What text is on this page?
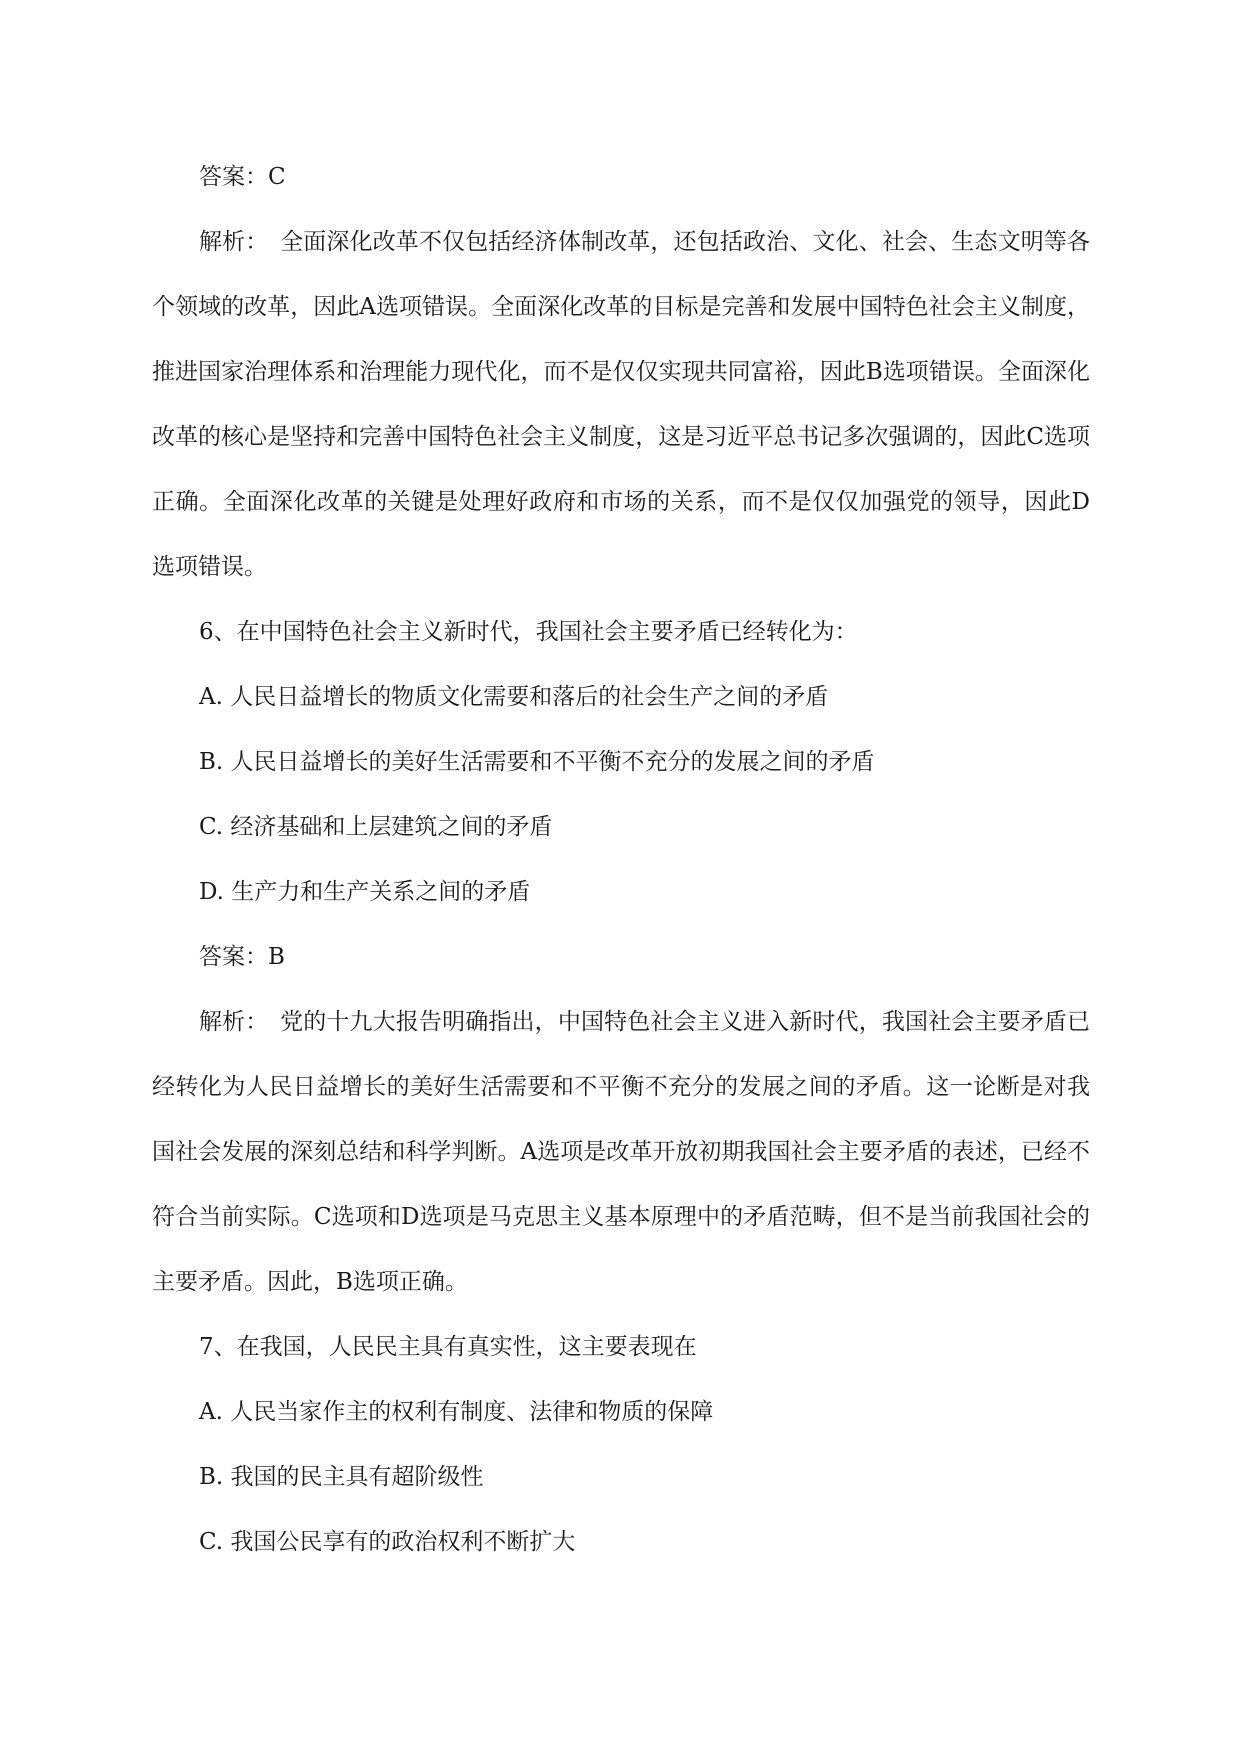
答案：C

解析：　全面深化改革不仅包括经济体制改革，还包括政治、文化、社会、生态文明等各个领域的改革，因此A选项错误。全面深化改革的目标是完善和发展中国特色社会主义制度，推进国家治理体系和治理能力现代化，而不是仅仅实现共同富裕，因此B选项错误。全面深化改革的核心是坚持和完善中国特色社会主义制度，这是习近平总书记多次强调的，因此C选项正确。全面深化改革的关键是处理好政府和市场的关系，而不是仅仅加强党的领导，因此D选项错误。

6、在中国特色社会主义新时代，我国社会主要矛盾已经转化为：

A. 人民日益增长的物质文化需要和落后的社会生产之间的矛盾

B. 人民日益增长的美好生活需要和不平衡不充分的发展之间的矛盾

C. 经济基础和上层建筑之间的矛盾

D. 生产力和生产关系之间的矛盾

答案：B

解析：　党的十九大报告明确指出，中国特色社会主义进入新时代，我国社会主要矛盾已经转化为人民日益增长的美好生活需要和不平衡不充分的发展之间的矛盾。这一论断是对我国社会发展的深刻总结和科学判断。A选项是改革开放初期我国社会主要矛盾的表述，已经不符合当前实际。C选项和D选项是马克思主义基本原理中的矛盾范畴，但不是当前我国社会的主要矛盾。因此，B选项正确。

7、在我国，人民民主具有真实性，这主要表现在

A. 人民当家作主的权利有制度、法律和物质的保障

B. 我国的民主具有超阶级性

C. 我国公民享有的政治权利不断扩大
